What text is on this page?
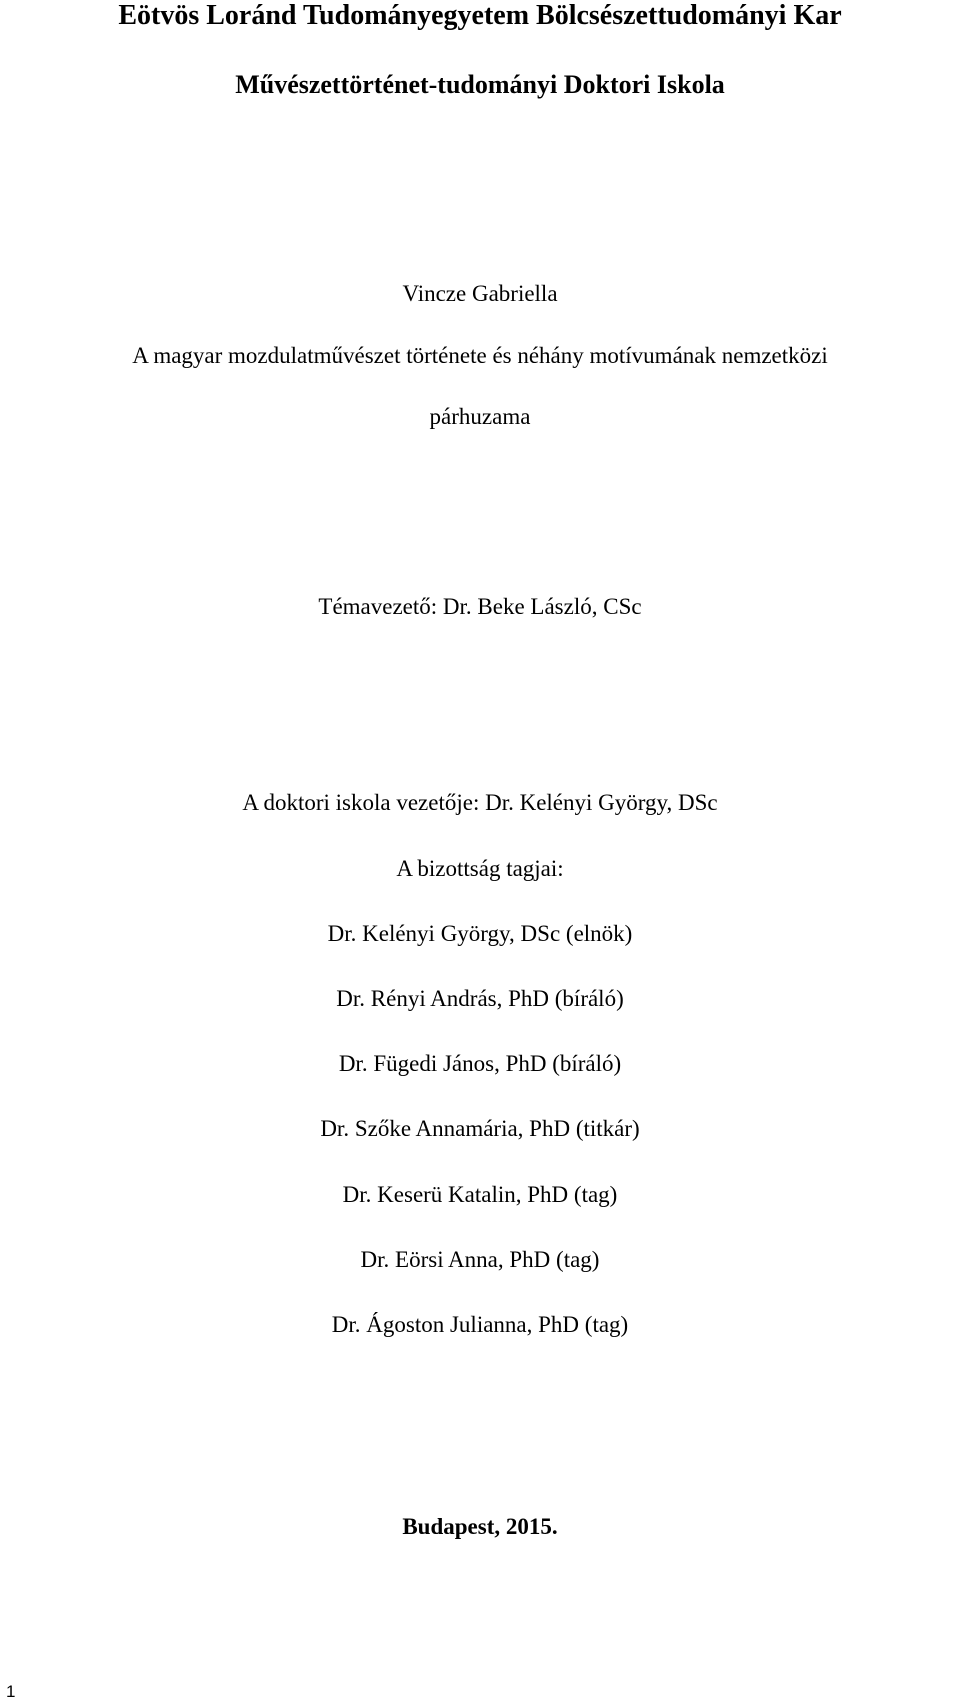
Eötvös Loránd Tudományegyetem Bölcsészettudományi Kar
Művészettörténet-tudományi Doktori Iskola
Vincze Gabriella
A magyar mozdulatművészet története és néhány motívumának nemzetközi
párhuzama
Témavezető: Dr. Beke László, CSc
A doktori iskola vezetője: Dr. Kelényi György, DSc
A bizottság tagjai:
Dr. Kelényi György, DSc (elnök)
Dr. Rényi András, PhD (bíráló)
Dr. Fügedi János, PhD (bíráló)
Dr. Szőke Annamária, PhD (titkár)
Dr. Keserü Katalin, PhD (tag)
Dr. Eörsi Anna, PhD (tag)
Dr. Ágoston Julianna, PhD (tag)
Budapest, 2015.
1
